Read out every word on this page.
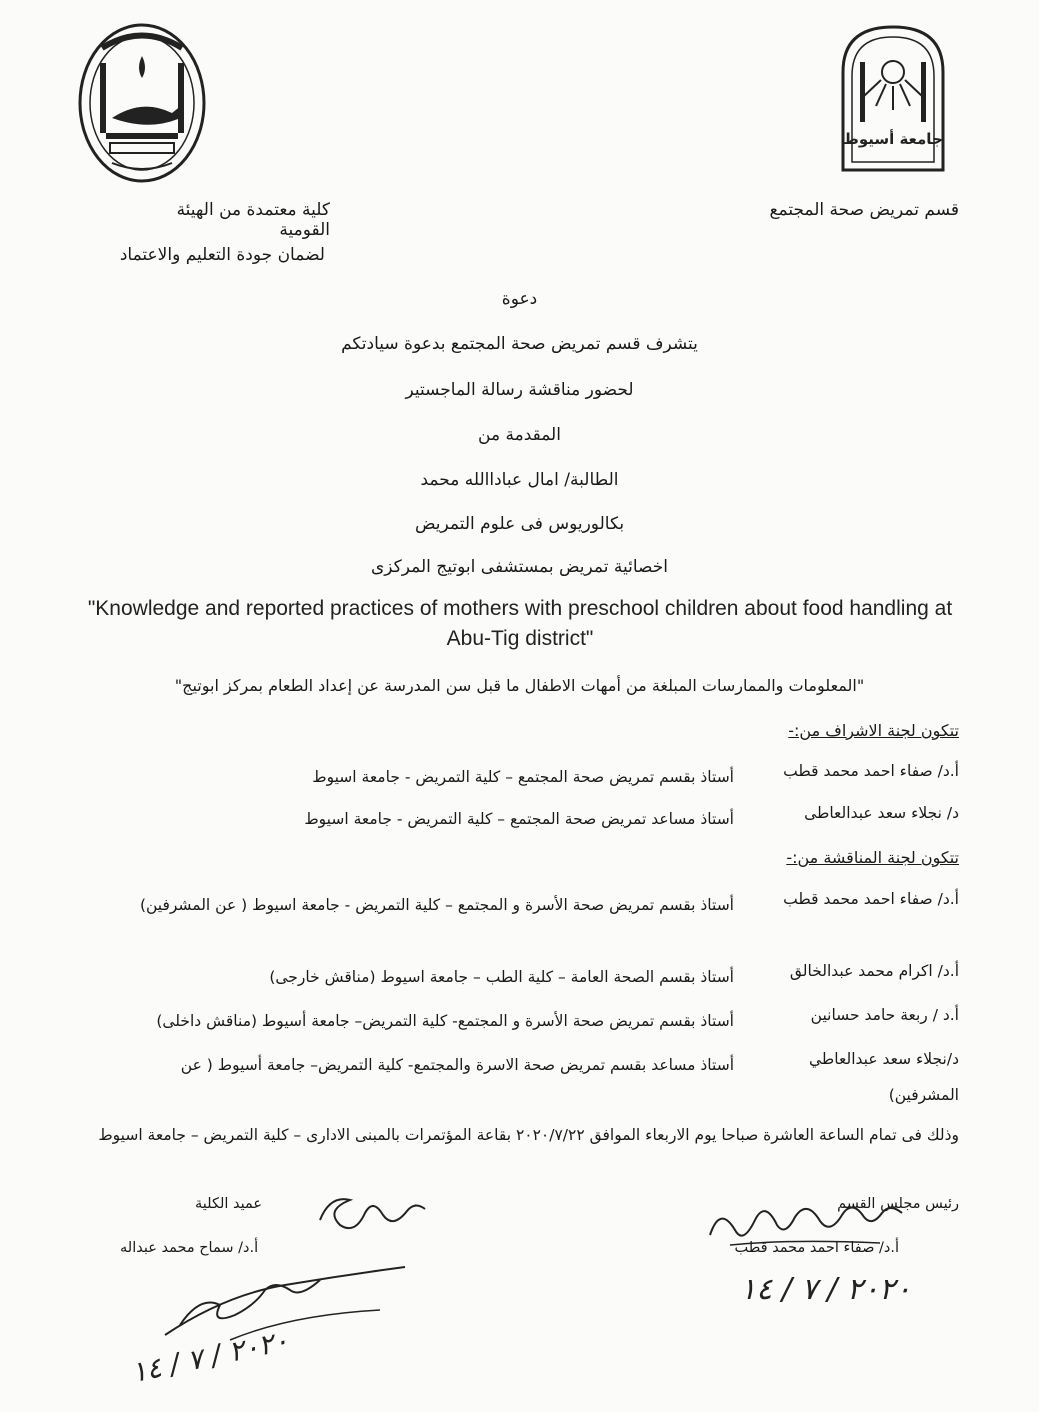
جامعة أسيوط
قسم تمريض صحة المجتمع
كلية معتمدة من الهيئة القومية
لضمان جودة التعليم والاعتماد
دعوة
يتشرف قسم تمريض صحة المجتمع بدعوة سيادتكم
لحضور مناقشة رسالة الماجستير
المقدمة من
الطالبة/ امال عباداالله محمد
بكالوريوس فى علوم التمريض
اخصائية تمريض بمستشفى ابوتيج المركزى
"Knowledge and reported practices of mothers with preschool children about food handling at Abu-Tig district"
"المعلومات والممارسات المبلغة من أمهات الاطفال ما قبل سن المدرسة عن إعداد الطعام بمركز ابوتيج"
تتكون لجنة الاشراف من:-
أ.د/ صفاء احمد محمد قطب
أستاذ بقسم تمريض صحة المجتمع – كلية التمريض - جامعة اسيوط
د/ نجلاء سعد عبدالعاطى
أستاذ مساعد تمريض صحة المجتمع – كلية التمريض - جامعة اسيوط
تتكون لجنة المناقشة من:-
أ.د/ صفاء احمد محمد قطب
أستاذ بقسم تمريض صحة الأسرة و المجتمع – كلية التمريض - جامعة اسيوط ( عن المشرفين)
أ.د/ اكرام محمد عبدالخالق
أستاذ بقسم الصحة العامة – كلية الطب – جامعة اسيوط (مناقش خارجى)
أ.د / ربعة حامد حسانين
أستاذ بقسم تمريض صحة الأسرة و المجتمع- كلية التمريض– جامعة أسيوط (مناقش داخلى)
د/نجلاء سعد عبدالعاطي
أستاذ مساعد بقسم تمريض صحة الاسرة والمجتمع- كلية التمريض– جامعة أسيوط ( عن المشرفين)
وذلك فى تمام الساعة العاشرة صباحا يوم الاربعاء الموافق ٢٠٢٠/٧/٢٢ بقاعة المؤتمرات بالمبنى الادارى – كلية التمريض – جامعة اسيوط
رئيس مجلس القسم
أ.د/ صفاء احمد محمد قطب
٢٠٢٠ / ٧ / ١٤
عميد الكلية
أ.د/ سماح محمد عبداله
٢٠٢٠ / ٧ / ١٤
